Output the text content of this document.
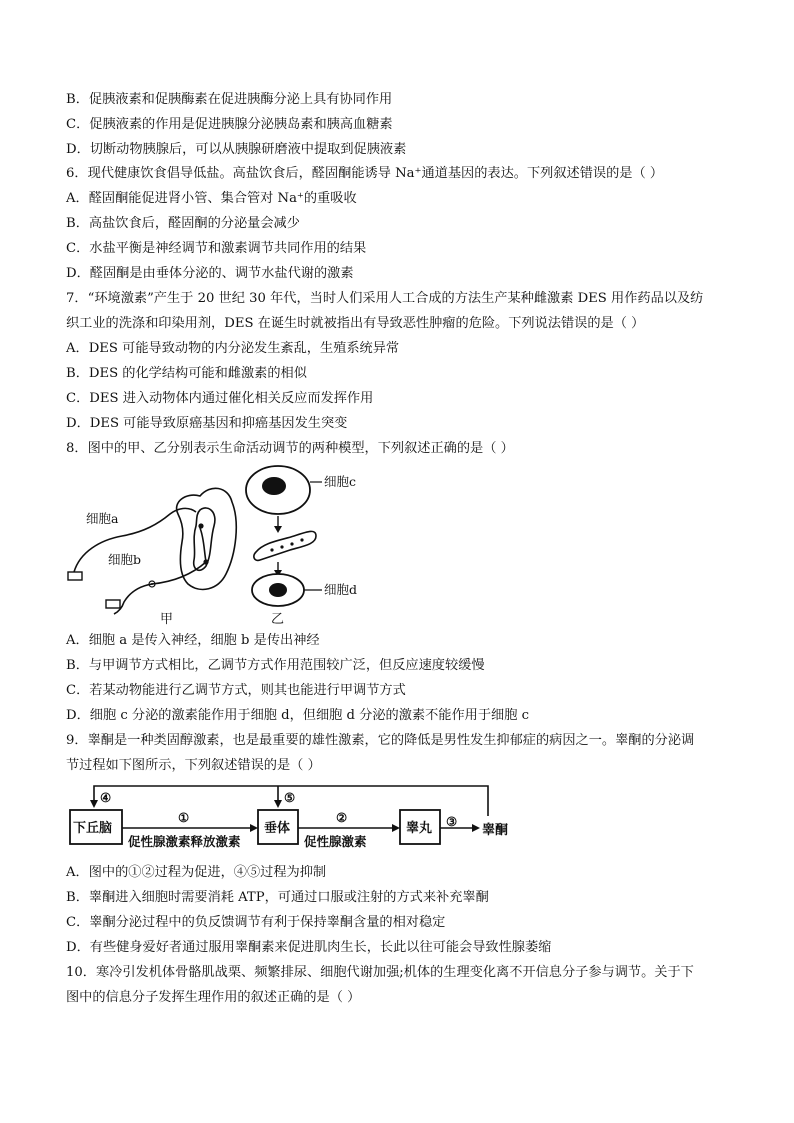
B．促胰液素和促胰酶素在促进胰酶分泌上具有协同作用
C．促胰液素的作用是促进胰腺分泌胰岛素和胰高血糖素
D．切断动物胰腺后，可以从胰腺研磨液中提取到促胰液素
6．现代健康饮食倡导低盐。高盐饮食后，醛固酮能诱导 Na⁺通道基因的表达。下列叙述错误的是（ ）
A．醛固酮能促进肾小管、集合管对 Na⁺的重吸收
B．高盐饮食后，醛固酮的分泌量会减少
C．水盐平衡是神经调节和激素调节共同作用的结果
D．醛固酮是由垂体分泌的、调节水盐代谢的激素
7．“环境激素”产生于 20 世纪 30 年代，当时人们采用人工合成的方法生产某种雌激素 DES 用作药品以及纺
织工业的洗涤和印染用剂，DES 在诞生时就被指出有导致恶性肿瘤的危险。下列说法错误的是（ ）
A．DES 可能导致动物的内分泌发生紊乱，生殖系统异常
B．DES 的化学结构可能和雌激素的相似
C．DES 进入动物体内通过催化相关反应而发挥作用
D．DES 可能导致原癌基因和抑癌基因发生突变
8．图中的甲、乙分别表示生命活动调节的两种模型，下列叙述正确的是（ ）
细胞a
细胞b
甲
细胞c
细胞d
乙
A．细胞 a 是传入神经，细胞 b 是传出神经
B．与甲调节方式相比，乙调节方式作用范围较广泛，但反应速度较缓慢
C．若某动物能进行乙调节方式，则其也能进行甲调节方式
D．细胞 c 分泌的激素能作用于细胞 d，但细胞 d 分泌的激素不能作用于细胞 c
9．睾酮是一种类固醇激素，也是最重要的雄性激素，它的降低是男性发生抑郁症的病因之一。睾酮的分泌调
节过程如下图所示，下列叙述错误的是（ ）
④	⑤
下丘脑	垂体	睾丸
①
促性腺激素释放激素
②
促性腺激素
③
睾酮
A．图中的①②过程为促进，④⑤过程为抑制
B．睾酮进入细胞时需要消耗 ATP，可通过口服或注射的方式来补充睾酮
C．睾酮分泌过程中的负反馈调节有利于保持睾酮含量的相对稳定
D．有些健身爱好者通过服用睾酮素来促进肌肉生长，长此以往可能会导致性腺萎缩
10．寒冷引发机体骨骼肌战栗、频繁排尿、细胞代谢加强;机体的生理变化离不开信息分子参与调节。关于下
图中的信息分子发挥生理作用的叙述正确的是（ ）
